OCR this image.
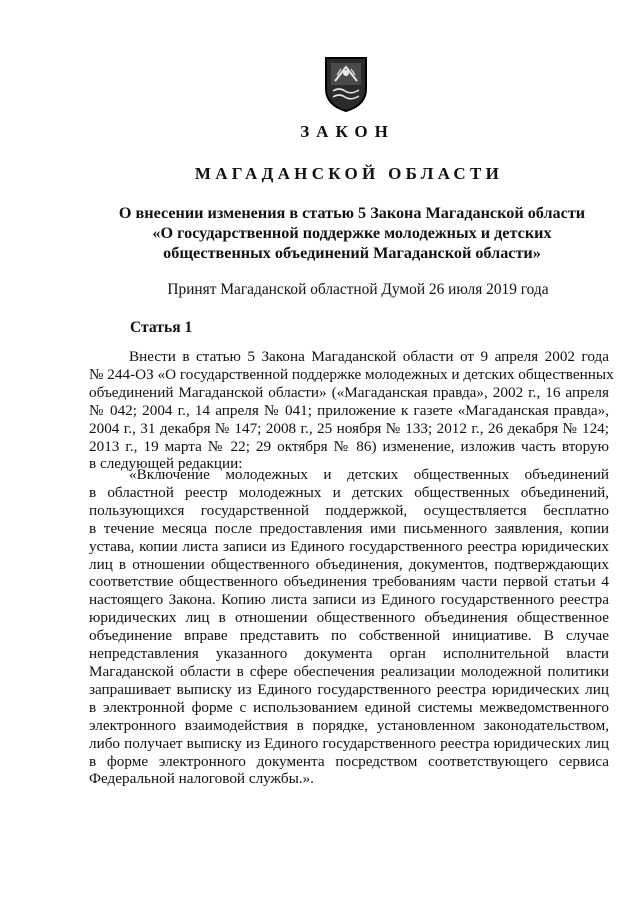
ЗАКОН
МАГАДАНСКОЙ ОБЛАСТИ
О внесении изменения в статью 5 Закона Магаданской области
«О государственной поддержке молодежных и детских
общественных объединений Магаданской области»
Принят Магаданской областной Думой 26 июля 2019 года
Статья 1
Внести в статью 5 Закона Магаданской области от 9 апреля 2002 года
№ 244-ОЗ «О государственной поддержке молодежных и детских общественных
объединений Магаданской области» («Магаданская правда», 2002 г., 16 апреля
№ 042; 2004 г., 14 апреля № 041; приложение к газете «Магаданская правда»,
2004 г., 31 декабря № 147; 2008 г., 25 ноября № 133; 2012 г., 26 декабря № 124;
2013 г., 19 марта № 22; 29 октября № 86) изменение, изложив часть вторую
в следующей редакции:
«Включение молодежных и детских общественных объединений
в областной реестр молодежных и детских общественных объединений,
пользующихся государственной поддержкой, осуществляется бесплатно
в течение месяца после предоставления ими письменного заявления, копии
устава, копии листа записи из Единого государственного реестра юридических
лиц в отношении общественного объединения, документов, подтверждающих
соответствие общественного объединения требованиям части первой статьи 4
настоящего Закона. Копию листа записи из Единого государственного реестра
юридических лиц в отношении общественного объединения общественное
объединение вправе представить по собственной инициативе. В случае
непредставления указанного документа орган исполнительной власти
Магаданской области в сфере обеспечения реализации молодежной политики
запрашивает выписку из Единого государственного реестра юридических лиц
в электронной форме с использованием единой системы межведомственного
электронного взаимодействия в порядке, установленном законодательством,
либо получает выписку из Единого государственного реестра юридических лиц
в форме электронного документа посредством соответствующего сервиса
Федеральной налоговой службы.».
